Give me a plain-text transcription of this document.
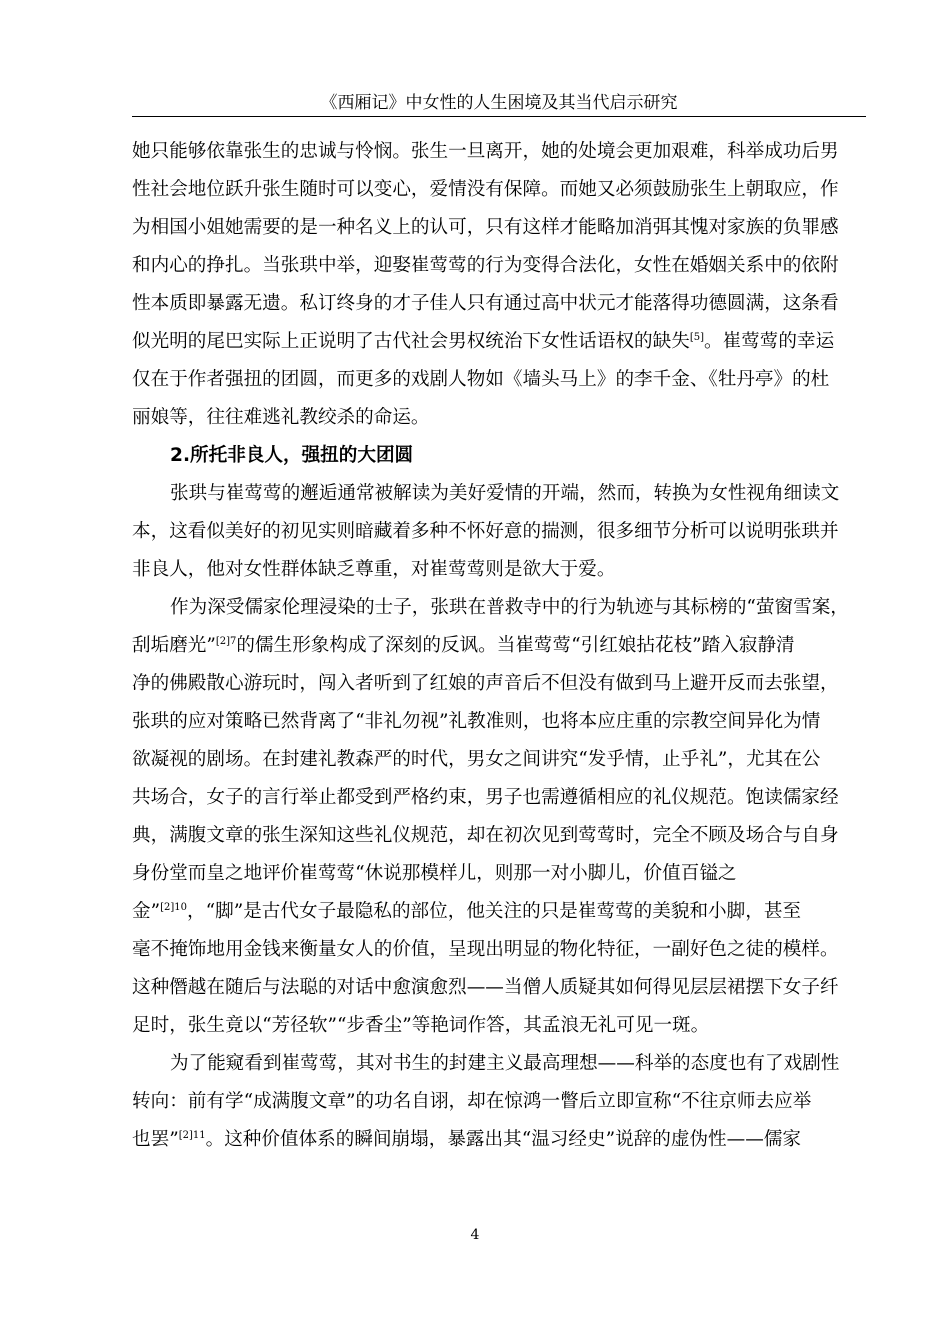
《西厢记》中女性的人生困境及其当代启示研究
她只能够依靠张生的忠诚与怜悯。张生一旦离开，她的处境会更加艰难，科举成功后男
性社会地位跃升张生随时可以变心，爱情没有保障。而她又必须鼓励张生上朝取应，作
为相国小姐她需要的是一种名义上的认可，只有这样才能略加消弭其愧对家族的负罪感
和内心的挣扎。当张珙中举，迎娶崔莺莺的行为变得合法化，女性在婚姻关系中的依附
性本质即暴露无遗。私订终身的才子佳人只有通过高中状元才能落得功德圆满，这条看
似光明的尾巴实际上正说明了古代社会男权统治下女性话语权的缺失[5]。崔莺莺的幸运
仅在于作者强扭的团圆，而更多的戏剧人物如《墙头马上》的李千金、《牡丹亭》的杜
丽娘等，往往难逃礼教绞杀的命运。
2.所托非良人，强扭的大团圆
张珙与崔莺莺的邂逅通常被解读为美好爱情的开端，然而，转换为女性视角细读文
本，这看似美好的初见实则暗藏着多种不怀好意的揣测，很多细节分析可以说明张珙并
非良人，他对女性群体缺乏尊重，对崔莺莺则是欲大于爱。
作为深受儒家伦理浸染的士子，张珙在普救寺中的行为轨迹与其标榜的“萤窗雪案，
刮垢磨光”$^{[2]7}$的儒生形象构成了深刻的反讽。当崔莺莺“引红娘拈花枝”踏入寂静清
净的佛殿散心游玩时，闯入者听到了红娘的声音后不但没有做到马上避开反而去张望，
张珙的应对策略已然背离了“非礼勿视”礼教准则，也将本应庄重的宗教空间异化为情
欲凝视的剧场。在封建礼教森严的时代，男女之间讲究“发乎情，止乎礼”，尤其在公
共场合，女子的言行举止都受到严格约束，男子也需遵循相应的礼仪规范。饱读儒家经
典，满腹文章的张生深知这些礼仪规范，却在初次见到莺莺时，完全不顾及场合与自身
身份堂而皇之地评价崔莺莺“休说那模样儿，则那一对小脚儿，价值百镒之
金”$^{[2]10}$，“脚”是古代女子最隐私的部位，他关注的只是崔莺莺的美貌和小脚，甚至
毫不掩饰地用金钱来衡量女人的价值，呈现出明显的物化特征，一副好色之徒的模样。
这种僭越在随后与法聪的对话中愈演愈烈——当僧人质疑其如何得见层层裙摆下女子纤
足时，张生竟以“芳径软”“步香尘”等艳词作答，其孟浪无礼可见一斑。
为了能窥看到崔莺莺，其对书生的封建主义最高理想——科举的态度也有了戏剧性
转向：前有学“成满腹文章”的功名自诩，却在惊鸿一瞥后立即宣称“不往京师去应举
也罢”$^{[2]11}$。这种价值体系的瞬间崩塌，暴露出其“温习经史”说辞的虚伪性——儒家
4
